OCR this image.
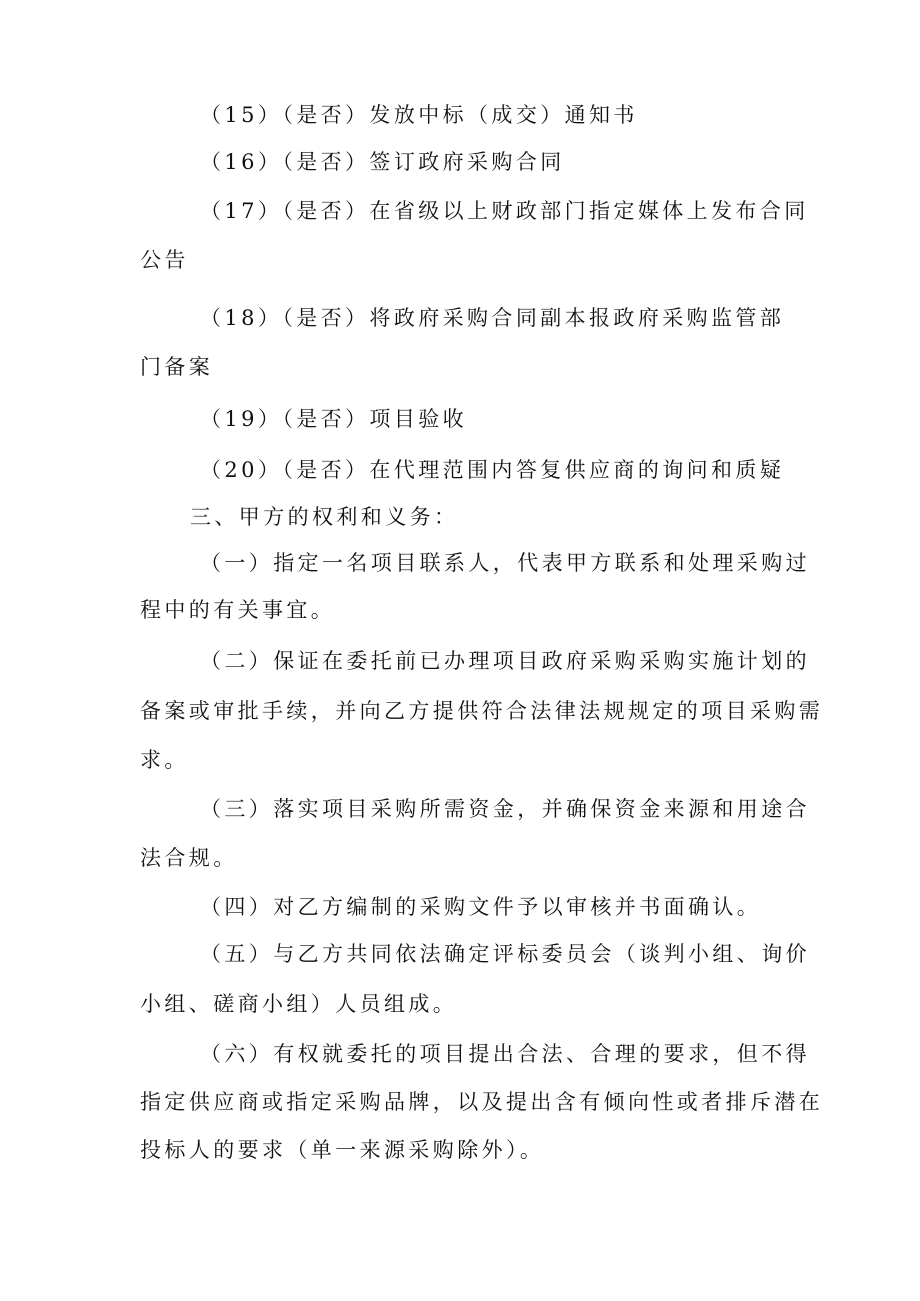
（15）（是否）发放中标（成交）通知书
（16）（是否）签订政府采购合同
（17）（是否）在省级以上财政部门指定媒体上发布合同
公告
（18）（是否）将政府采购合同副本报政府采购监管部
门备案
（19）（是否）项目验收
（20）（是否）在代理范围内答复供应商的询问和质疑
三、甲方的权利和义务：
（一）指定一名项目联系人，代表甲方联系和处理采购过
程中的有关事宜。
（二）保证在委托前已办理项目政府采购采购实施计划的
备案或审批手续，并向乙方提供符合法律法规规定的项目采购需
求。
（三）落实项目采购所需资金，并确保资金来源和用途合
法合规。
（四）对乙方编制的采购文件予以审核并书面确认。
（五）与乙方共同依法确定评标委员会（谈判小组、询价
小组、磋商小组）人员组成。
（六）有权就委托的项目提出合法、合理的要求，但不得
指定供应商或指定采购品牌，以及提出含有倾向性或者排斥潜在
投标人的要求（单一来源采购除外）。
